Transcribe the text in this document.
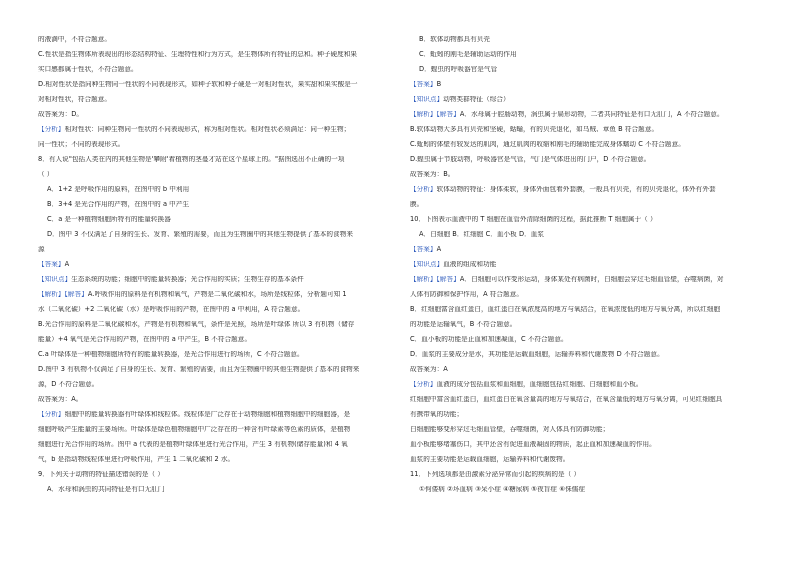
的液滴中，不符合题意。

C.性状是指生物体所表现出的形态结构特征、生理特性和行为方式，是生物体所有特征的总和。种子硬度和果

实口感都属于性状，不符合题意。

D.相对性状是指同种生物同一性状的不同表现形式，如种子软和种子硬是一对相对性状，果实甜和果实酸是一

对相对性状，符合题意。

故答案为：D。

【分析】相对性状：同种生物同一性状的不同表现形式，称为相对性状。相对性状必须满足：同一种生物；

同一性状；不同的表现形式。

8．有人说"包括人类在内的其他生物是'攀附'着植物的茎蔓才站在这个星球上的。"据图选出不正确的一项

（ ）

A．1+2 是呼吸作用的原料，在图中的 b 中利用

B．3+4 是光合作用的产物，在图中的 a 中产生

C．a 是一种植物细胞所特有的能量转换器

D．图中 3 不仅满足了自身的生长、发育、繁殖的需要，而且为生物圈中的其他生物提供了基本的食物来

源

【答案】A

【知识点】生态系统的功能；细胞中的能量转换器；光合作用的实质；生物生存的基本条件

【解析】【解答】A.呼吸作用的原料是有机物和氧气，产物是二氧化碳和水，场所是线粒体，分析题可知 1

水（二氧化碳）+2 二氧化碳（水）是呼吸作用的产物，在图中的 a 中利用，A 符合题意。

B.光合作用的原料是二氧化碳和水，产物是有机物和氧气，条件是光照，场所是叶绿体 所以 3 有机物（储存

能量）+4 氧气是光合作用的产物，在图中的 a 中产生，B 不符合题意。

C.a 叶绿体是一种植物细胞所特有的能量转换器，是光合作用进行的场所，C 不符合题意。

D.图中 3 有机物不仅满足了自身的生长、发育、繁殖的需要，而且为生物圈中的其他生物提供了基本的食物来

源，D 不符合题意。

故答案为：A。

【分析】细胞中的能量转换器有叶绿体和线粒体。线粒体是广泛存在于动物细胞和植物细胞中的细胞器，是

细胞呼吸产生能量的主要场所。叶绿体是绿色植物细胞中广泛存在的一种含有叶绿素等色素的质体，是植物

细胞进行光合作用的场所。图中 a 代表的是植物叶绿体里进行光合作用，产生 3 有机物(储存能量)和 4 氧

气，b 是指动物线粒体里进行呼吸作用，产生 1 二氧化碳和 2 水。

9．下列关于动物的特征描述错误的是（ ）

A．水母和涡虫的共同特征是有口无肛门

B．软体动物都具有贝壳

C．蚯蚓的刚毛是辅助运动的作用

D．蝗虫的呼吸器官是气管

【答案】B

【知识点】动物类群特征（综合）

【解析】【解答】A．水母属于腔肠动物，涡虫属于扁形动物，二者共同特征是有口无肛门，A 不符合题意。

B.软体动物大多具有贝壳和坚硬，蛞蝓，有的贝壳退化，如乌贼、章鱼 B 符合题意。

C.蚯蚓的体壁有较发达的肌肉，通过肌肉的收缩和刚毛的辅助能完成身体蠕动 C 不符合题意。

D.蝗虫属于节肢动物，呼吸器官是气管，气门是气体进出的门户，D 不符合题意。

故答案为：B。

【分析】软体动物的特征：身体柔软，身体外面包着外套膜，一般具有贝壳，有的贝壳退化，体外有外套

膜。

10．下图表示血液中的 T 细胞在血管外清除细菌的过程，据此推断 T 细胞属于（ ）

A．白细胞 B．红细胞 C．血小板 D．血浆

【答案】A

【知识点】血液的组成和功能

【解析】【解答】A．白细胞可以作变形运动，身体某处有病菌时，白细胞会穿过毛细血管壁，吞噬病菌，对

人体有防御和保护作用，A 符合题意。

B．红细胞富含血红蛋白，血红蛋白在氧浓度高的地方与氧结合，在氧浓度低的地方与氧分离，所以红细胞

的功能是运输氧气，B 不符合题意。

C．血小板的功能是止血和加速凝血，C 不符合题意。

D．血浆的主要成分是水，其功能是运载血细胞，运输养料和代谢废物 D 不符合题意。

故答案为：A

【分析】血液的成分包括血浆和血细胞，血细胞包括红细胞、白细胞和血小板。

红细胞中富含血红蛋白，血红蛋白在氧含量高的地方与氧结合，在氧含量低的地方与氧分离，可见红细胞具

有携带氧的功能；

白细胞能够变形穿过毛细血管壁，吞噬细菌，对人体具有防御功能；

血小板能够堵塞伤口，其中还含有促进血液凝固的物质，起止血和加速凝血的作用。

血浆的主要功能是运载血细胞，运输养料和代谢废物。

11．下列选项都是由激素分泌异常而引起的疾病的是（ ）

①佝偻病 ②坏血病 ③呆小症 ④糖尿病 ⑤夜盲症 ⑥侏儒症
